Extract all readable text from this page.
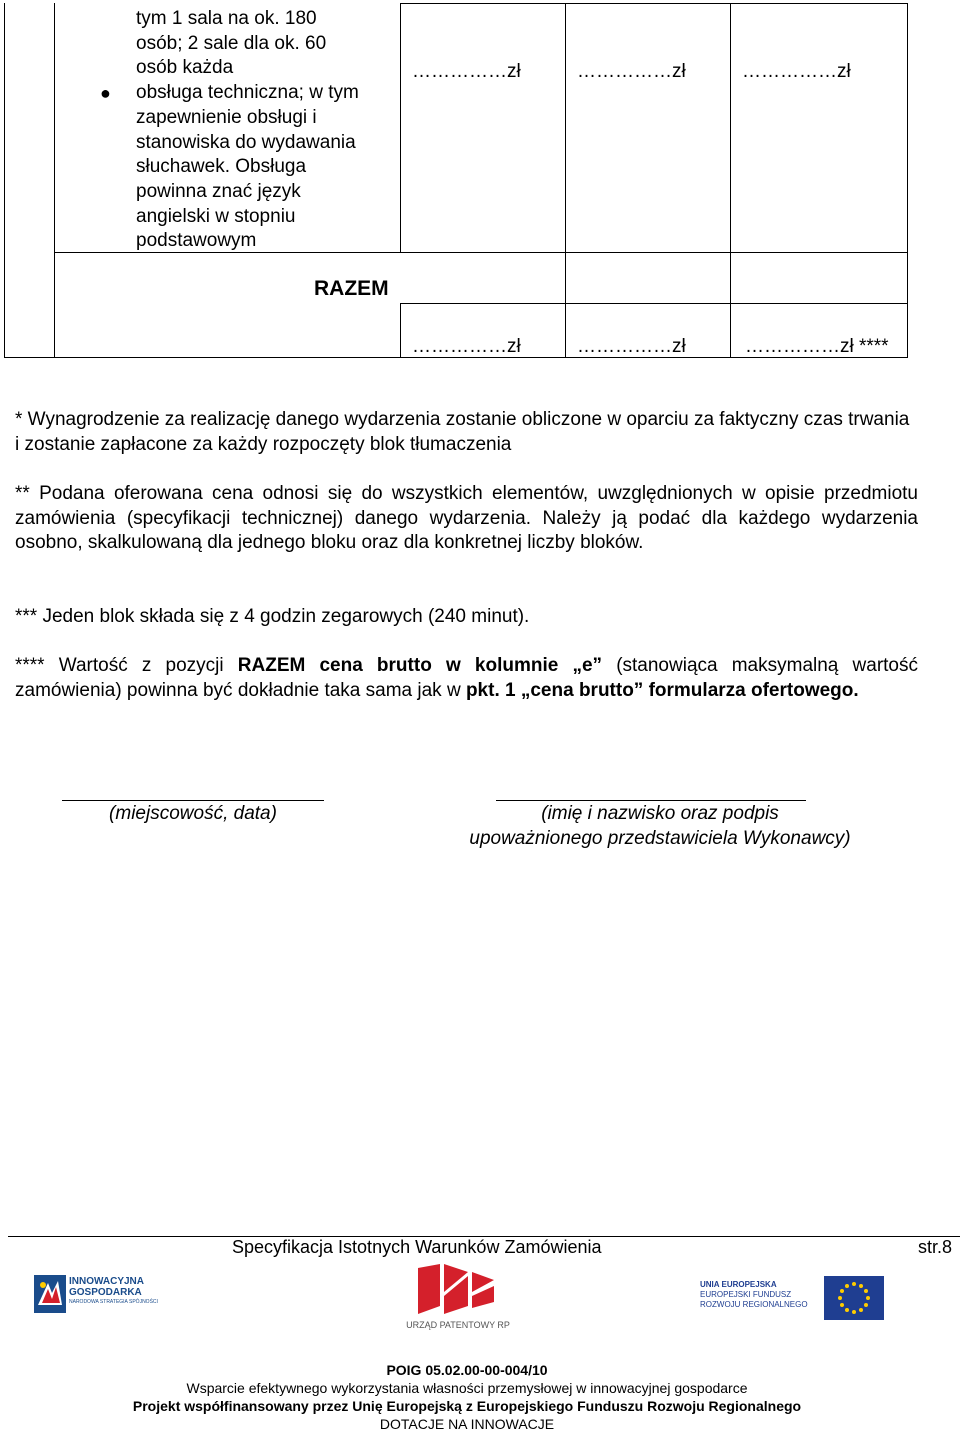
●
tym 1 sala na ok. 180
osób; 2 sale dla ok. 60
osób każda
obsługa techniczna; w tym
zapewnienie obsługi i
stanowiska do wydawania
słuchawek. Obsługa
powinna znać język
angielski w stopniu
podstawowym
……………zł	……………zł	……………zł
RAZEM
……………zł	……………zł	……………zł ****
* Wynagrodzenie za realizację danego wydarzenia zostanie obliczone w oparciu za faktyczny czas trwania i zostanie zapłacone za każdy rozpoczęty blok tłumaczenia
** Podana oferowana cena odnosi się do wszystkich elementów, uwzględnionych w opisie przedmiotu zamówienia (specyfikacji technicznej) danego wydarzenia. Należy ją podać dla każdego wydarzenia osobno, skalkulowaną dla jednego bloku oraz dla konkretnej liczby bloków.
*** Jeden blok składa się z 4 godzin zegarowych (240 minut).
**** Wartość z pozycji RAZEM cena brutto w kolumnie „e” (stanowiąca maksymalną wartość zamówienia) powinna być dokładnie taka sama jak w pkt. 1 „cena brutto” formularza ofertowego.
(miejscowość, data)	(imię i nazwisko oraz podpis
upoważnionego przedstawiciela Wykonawcy)
Specyfikacja Istotnych Warunków Zamówienia	str.8
INNOWACYJNA
GOSPODARKA
NARODOWA STRATEGIA SPÓJNOŚCI
URZĄD PATENTOWY RP
UNIA EUROPEJSKA
EUROPEJSKI FUNDUSZ
ROZWOJU REGIONALNEGO
POIG 05.02.00-00-004/10
Wsparcie efektywnego wykorzystania własności przemysłowej w innowacyjnej gospodarce
Projekt współfinansowany przez Unię Europejską z Europejskiego Funduszu Rozwoju Regionalnego
DOTACJE NA INNOWACJE
